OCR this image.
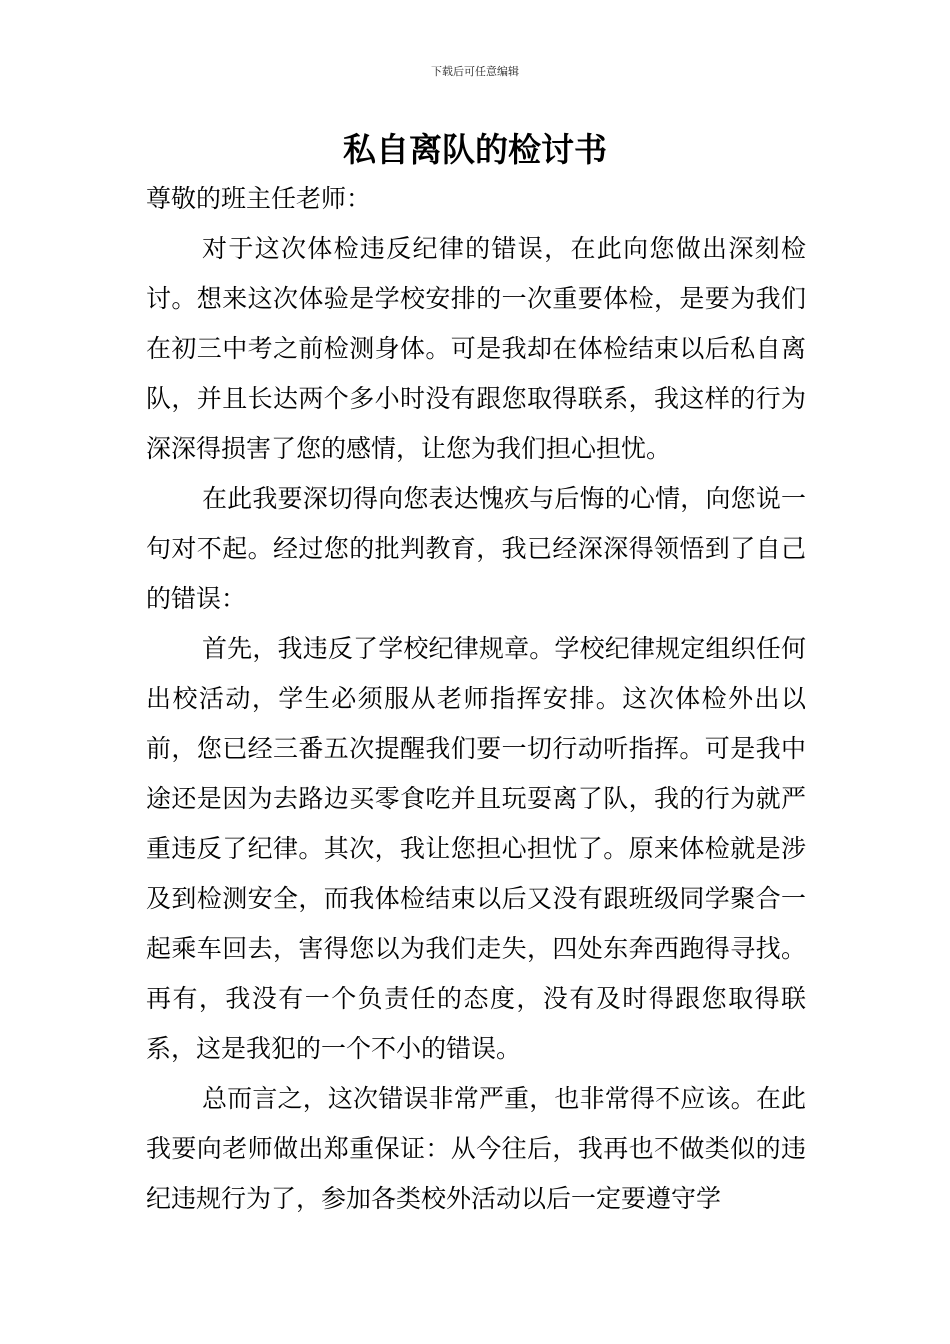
下载后可任意编辑
私自离队的检讨书

尊敬的班主任老师：

对于这次体检违反纪律的错误，在此向您做出深刻检讨。想来这次体验是学校安排的一次重要体检，是要为我们在初三中考之前检测身体。可是我却在体检结束以后私自离队，并且长达两个多小时没有跟您取得联系，我这样的行为深深得损害了您的感情，让您为我们担心担忧。

在此我要深切得向您表达愧疚与后悔的心情，向您说一句对不起。经过您的批判教育，我已经深深得领悟到了自己的错误：

首先，我违反了学校纪律规章。学校纪律规定组织任何出校活动，学生必须服从老师指挥安排。这次体检外出以前，您已经三番五次提醒我们要一切行动听指挥。可是我中途还是因为去路边买零食吃并且玩耍离了队，我的行为就严重违反了纪律。其次，我让您担心担忧了。原来体检就是涉及到检测安全，而我体检结束以后又没有跟班级同学聚合一起乘车回去，害得您以为我们走失，四处东奔西跑得寻找。再有，我没有一个负责任的态度，没有及时得跟您取得联系，这是我犯的一个不小的错误。

总而言之，这次错误非常严重，也非常得不应该。在此我要向老师做出郑重保证：从今往后，我再也不做类似的违纪违规行为了，参加各类校外活动以后一定要遵守学
